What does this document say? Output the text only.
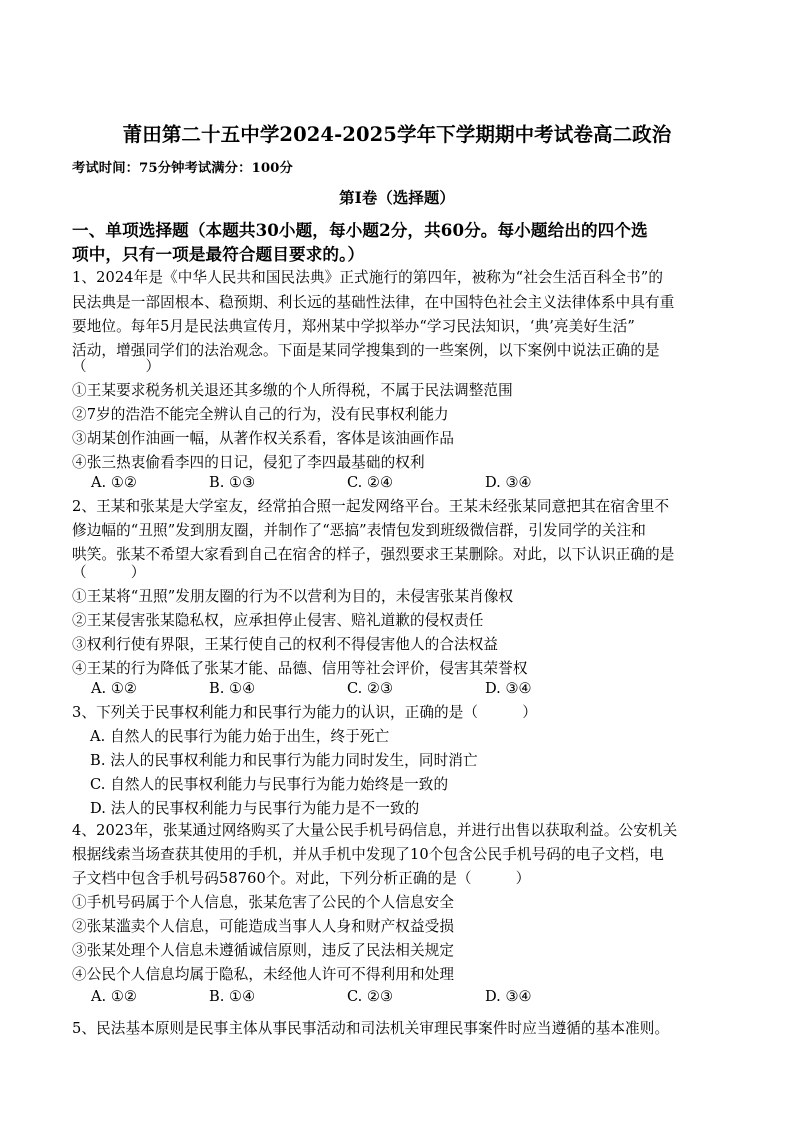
莆田第二十五中学2024-2025学年下学期期中考试卷高二政治
考试时间：75分钟考试满分：100分
第Ⅰ卷（选择题）
一、单项选择题（本题共30小题，每小题2分，共60分。每小题给出的四个选
项中，只有一项是最符合题目要求的。）
1、2024年是《中华人民共和国民法典》正式施行的第四年，被称为“社会生活百科全书”的
民法典是一部固根本、稳预期、利长远的基础性法律，在中国特色社会主义法律体系中具有重
要地位。每年5月是民法典宣传月，郑州某中学拟举办“学习民法知识，‘典’亮美好生活”
活动，增强同学们的法治观念。下面是某同学搜集到的一些案例，以下案例中说法正确的是
（　　　　）
①王某要求税务机关退还其多缴的个人所得税，不属于民法调整范围
②7岁的浩浩不能完全辨认自己的行为，没有民事权利能力
③胡某创作油画一幅，从著作权关系看，客体是该油画作品
④张三热衷偷看李四的日记，侵犯了李四最基础的权利
A. ①②	B. ①③	C. ②④	D. ③④
2、王某和张某是大学室友，经常拍合照一起发网络平台。王某未经张某同意把其在宿舍里不
修边幅的“丑照”发到朋友圈，并制作了“恶搞”表情包发到班级微信群，引发同学的关注和
哄笑。张某不希望大家看到自己在宿舍的样子，强烈要求王某删除。对此，以下认识正确的是
（　　　）
①王某将“丑照”发朋友圈的行为不以营利为目的，未侵害张某肖像权
②王某侵害张某隐私权，应承担停止侵害、赔礼道歉的侵权责任
③权利行使有界限，王某行使自己的权利不得侵害他人的合法权益
④王某的行为降低了张某才能、品德、信用等社会评价，侵害其荣誉权
A. ①②	B. ①④	C. ②③	D. ③④
3、下列关于民事权利能力和民事行为能力的认识，正确的是（　　　）
A. 自然人的民事行为能力始于出生，终于死亡
B. 法人的民事权利能力和民事行为能力同时发生，同时消亡
C. 自然人的民事权利能力与民事行为能力始终是一致的
D. 法人的民事权利能力与民事行为能力是不一致的
4、2023年，张某通过网络购买了大量公民手机号码信息，并进行出售以获取利益。公安机关
根据线索当场查获其使用的手机，并从手机中发现了10个包含公民手机号码的电子文档，电
子文档中包含手机号码58760个。对此，下列分析正确的是（　　　）
①手机号码属于个人信息，张某危害了公民的个人信息安全
②张某滥卖个人信息，可能造成当事人人身和财产权益受损
③张某处理个人信息未遵循诚信原则，违反了民法相关规定
④公民个人信息均属于隐私，未经他人许可不得利用和处理
A. ①②	B. ①④	C. ②③	D. ③④
5、民法基本原则是民事主体从事民事活动和司法机关审理民事案件时应当遵循的基本准则。
